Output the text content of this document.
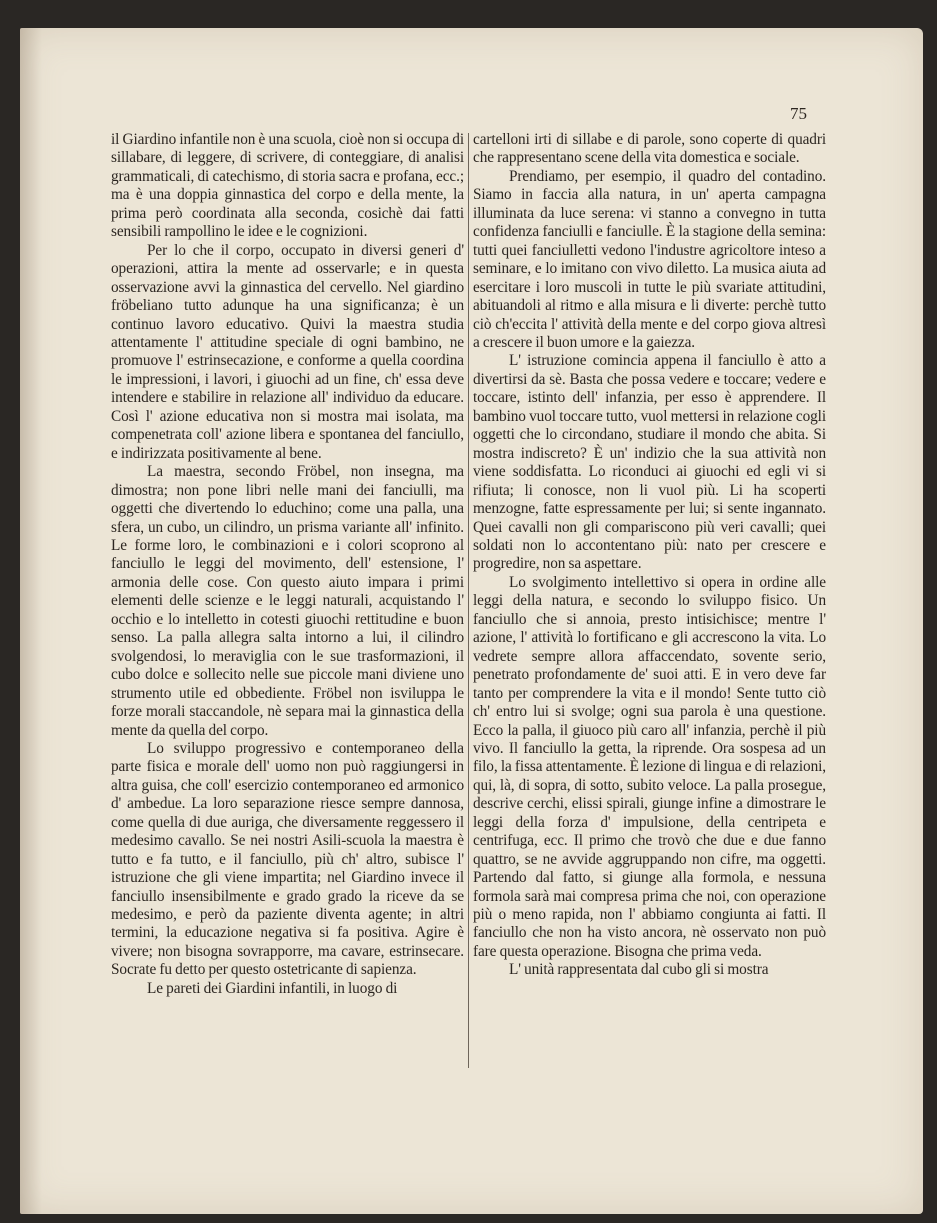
75

il Giardino infantile non è una scuola, cioè non si occupa di sillabare, di leggere, di scrivere, di conteggiare, di analisi grammaticali, di catechismo, di storia sacra e profana, ecc.; ma è una doppia ginnastica del corpo e della mente, la prima però coordinata alla seconda, cosichè dai fatti sensibili rampollino le idee e le cognizioni.

Per lo che il corpo, occupato in diversi generi d' operazioni, attira la mente ad osservarle; e in questa osservazione avvi la ginnastica del cervello. Nel giardino fröbeliano tutto adunque ha una significanza; è un continuo lavoro educativo. Quivi la maestra studia attentamente l' attitudine speciale di ogni bambino, ne promuove l' estrinsecazione, e conforme a quella coordina le impressioni, i lavori, i giuochi ad un fine, ch' essa deve intendere e stabilire in relazione all' individuo da educare. Così l' azione educativa non si mostra mai isolata, ma compenetrata coll' azione libera e spontanea del fanciullo, e indirizzata positivamente al bene.

La maestra, secondo Fröbel, non insegna, ma dimostra; non pone libri nelle mani dei fanciulli, ma oggetti che divertendo lo educhino; come una palla, una sfera, un cubo, un cilindro, un prisma variante all' infinito. Le forme loro, le combinazioni e i colori scoprono al fanciullo le leggi del movimento, dell' estensione, l' armonia delle cose. Con questo aiuto impara i primi elementi delle scienze e le leggi naturali, acquistando l' occhio e lo intelletto in cotesti giuochi rettitudine e buon senso. La palla allegra salta intorno a lui, il cilindro svolgendosi, lo meraviglia con le sue trasformazioni, il cubo dolce e sollecito nelle sue piccole mani diviene uno strumento utile ed obbediente. Fröbel non isviluppa le forze morali staccandole, nè separa mai la ginnastica della mente da quella del corpo.

Lo sviluppo progressivo e contemporaneo della parte fisica e morale dell' uomo non può raggiungersi in altra guisa, che coll' esercizio contemporaneo ed armonico d' ambedue. La loro separazione riesce sempre dannosa, come quella di due auriga, che diversamente reggessero il medesimo cavallo. Se nei nostri Asili-scuola la maestra è tutto e fa tutto, e il fanciullo, più ch' altro, subisce l' istruzione che gli viene impartita; nel Giardino invece il fanciullo insensibilmente e grado grado la riceve da se medesimo, e però da paziente diventa agente; in altri termini, la educazione negativa si fa positiva. Agire è vivere; non bisogna sovrapporre, ma cavare, estrinsecare. Socrate fu detto per questo ostetricante di sapienza.

Le pareti dei Giardini infantili, in luogo di

cartelloni irti di sillabe e di parole, sono coperte di quadri che rappresentano scene della vita domestica e sociale.

Prendiamo, per esempio, il quadro del contadino. Siamo in faccia alla natura, in un' aperta campagna illuminata da luce serena: vi stanno a convegno in tutta confidenza fanciulli e fanciulle. È la stagione della semina: tutti quei fanciulletti vedono l'industre agricoltore inteso a seminare, e lo imitano con vivo diletto. La musica aiuta ad esercitare i loro muscoli in tutte le più svariate attitudini, abituandoli al ritmo e alla misura e li diverte: perchè tutto ciò ch'eccita l' attività della mente e del corpo giova altresì a crescere il buon umore e la gaiezza.

L' istruzione comincia appena il fanciullo è atto a divertirsi da sè. Basta che possa vedere e toccare; vedere e toccare, istinto dell' infanzia, per esso è apprendere. Il bambino vuol toccare tutto, vuol mettersi in relazione cogli oggetti che lo circondano, studiare il mondo che abita. Si mostra indiscreto? È un' indizio che la sua attività non viene soddisfatta. Lo riconduci ai giuochi ed egli vi si rifiuta; li conosce, non li vuol più. Li ha scoperti menzogne, fatte espressamente per lui; si sente ingannato. Quei cavalli non gli compariscono più veri cavalli; quei soldati non lo accontentano più: nato per crescere e progredire, non sa aspettare.

Lo svolgimento intellettivo si opera in ordine alle leggi della natura, e secondo lo sviluppo fisico. Un fanciullo che si annoia, presto intisichisce; mentre l' azione, l' attività lo fortificano e gli accrescono la vita. Lo vedrete sempre allora affaccendato, sovente serio, penetrato profondamente de' suoi atti. E in vero deve far tanto per comprendere la vita e il mondo! Sente tutto ciò ch' entro lui si svolge; ogni sua parola è una questione. Ecco la palla, il giuoco più caro all' infanzia, perchè il più vivo. Il fanciullo la getta, la riprende. Ora sospesa ad un filo, la fissa attentamente. È lezione di lingua e di relazioni, qui, là, di sopra, di sotto, subito veloce. La palla prosegue, descrive cerchi, elissi spirali, giunge infine a dimostrare le leggi della forza d' impulsione, della centripeta e centrifuga, ecc. Il primo che trovò che due e due fanno quattro, se ne avvide aggruppando non cifre, ma oggetti. Partendo dal fatto, si giunge alla formola, e nessuna formola sarà mai compresa prima che noi, con operazione più o meno rapida, non l' abbiamo congiunta ai fatti. Il fanciullo che non ha visto ancora, nè osservato non può fare questa operazione. Bisogna che prima veda.

L' unità rappresentata dal cubo gli si mostra
